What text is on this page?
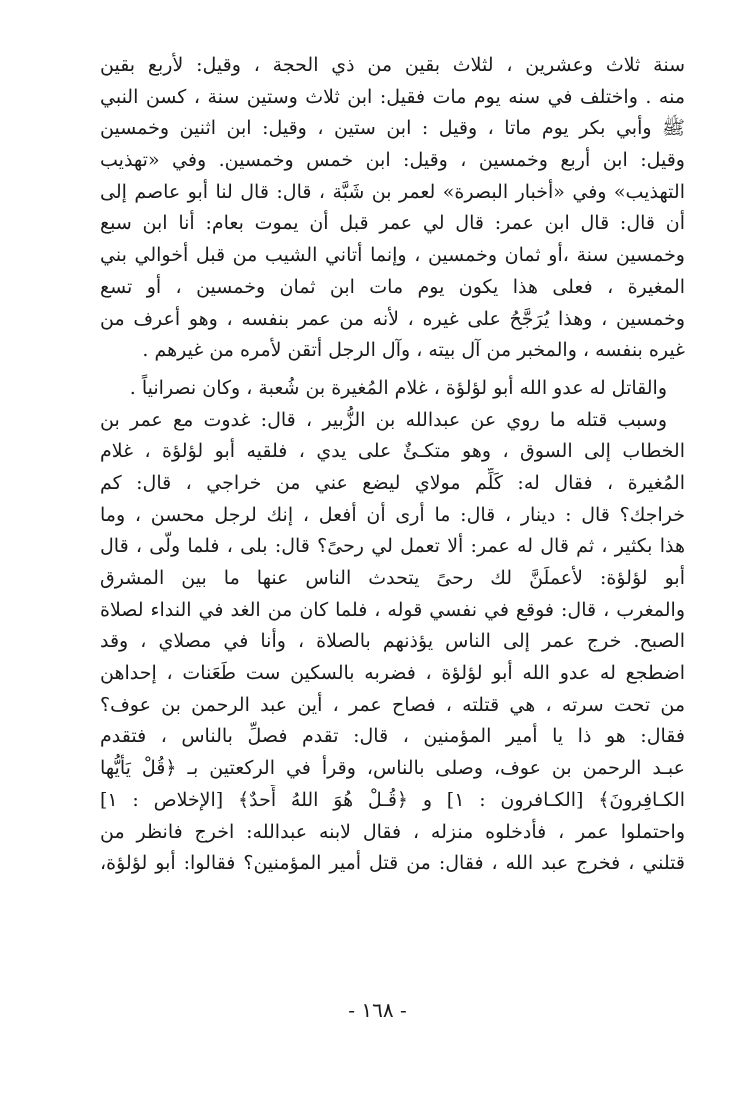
سنة ثلاث وعشرين ، لثلاث بقين من ذي الحجة ، وقيل: لأربع بقين
منه . واختلف في سنه يوم مات فقيل: ابن ثلاث وستين سنة ، كسن النبي
ﷺ وأبي بكر يوم ماتا ، وقيل : ابن ستين ، وقيل: ابن اثنين وخمسين
وقيل: ابن أربع وخمسين ، وقيل: ابن خمس وخمسين. وفي «تهذيب
التهذيب» وفي «أخبار البصرة» لعمر بن شَبَّة ، قال: قال لنا أبو عاصم إلى
أن قال: قال ابن عمر: قال لي عمر قبل أن يموت بعام: أنا ابن سبع
وخمسين سنة ،أو ثمان وخمسين ، وإنما أتاني الشيب من قبل أخوالي بني
المغيرة ، فعلى هذا يكون يوم مات ابن ثمان وخمسين ، أو تسع
وخمسين ، وهذا يُرَجَّحُ على غيره ، لأنه من عمر بنفسه ، وهو أعرف من
غيره بنفسه ، والمخبر من آل بيته ، وآل الرجل أتقن لأمره من غيرهم .
والقاتل له عدو الله أبو لؤلؤة ، غلام المُغيرة بن شُعبة ، وكان نصرانياً .
وسبب قتله ما روي عن عبدالله بن الزُّبير ، قال: غدوت مع عمر بن
الخطاب إلى السوق ، وهو متكـئٌ على يدي ، فلقيه أبو لؤلؤة ، غلام
المُغيرة ، فقال له: كَلِّم مولاي ليضع عني من خراجي ، قال: كم
خراجك؟ قال : دينار ، قال: ما أرى أن أفعل ، إنك لرجل محسن ، وما
هذا بكثير ، ثم قال له عمر: ألا تعمل لي رحىً؟ قال: بلى ، فلما ولّى ، قال
أبو لؤلؤة: لأعملَنَّ لك رحىً يتحدث الناس عنها ما بين المشرق
والمغرب ، قال: فوقع في نفسي قوله ، فلما كان من الغد في النداء لصلاة
الصبح. خرج عمر إلى الناس يؤذنهم بالصلاة ، وأنا في مصلاي ، وقد
اضطجع له عدو الله أبو لؤلؤة ، فضربه بالسكين ست طَعَنات ، إحداهن
من تحت سرته ، هي قتلته ، فصاح عمر ، أين عبد الرحمن بن عوف؟
فقال: هو ذا يا أمير المؤمنين ، قال: تقدم فصلِّ بالناس ، فتقدم
عبـد الرحمن بن عوف، وصلى بالناس، وقرأ في الركعتين بـ ﴿قُلْ يَأَيُّها
الكـافِرونَ﴾ [الكـافرون : ١] و ﴿قُـلْ هُوَ اللهُ أَحدٌ﴾ [الإخلاص : ١]
واحتملوا عمر ، فأدخلوه منزله ، فقال لابنه عبدالله: اخرج فانظر من
قتلني ، فخرج عبد الله ، فقال: من قتل أمير المؤمنين؟ فقالوا: أبو لؤلؤة،
- ١٦٨ -
